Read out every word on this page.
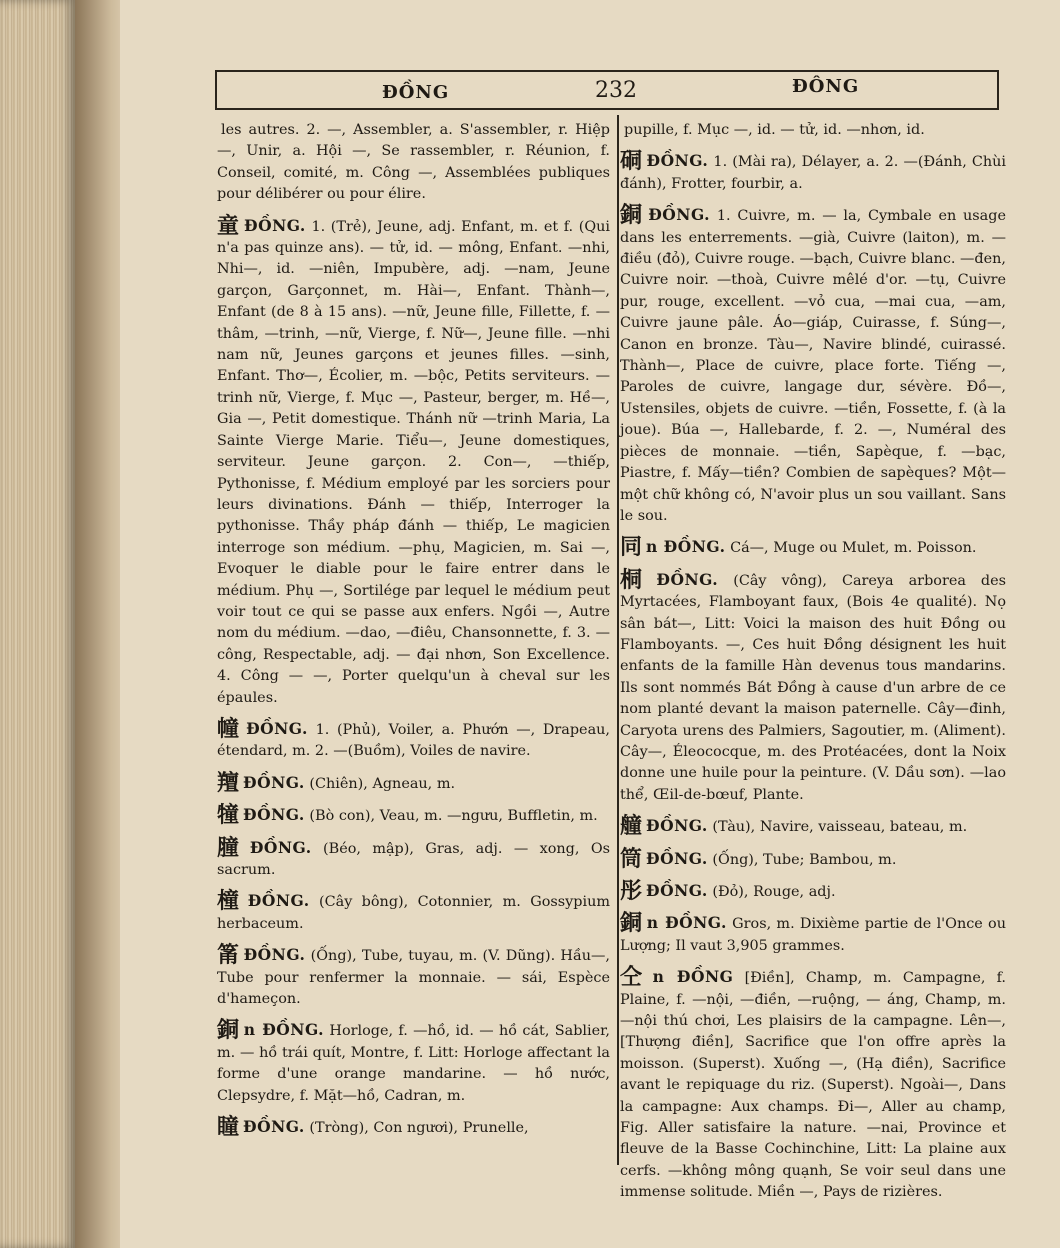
ĐỒNG	232	ĐÔNG

les autres. 2. —, Assembler, a. S'assembler, r. Hiệp —, Unir, a. Hội —, Se rassembler, r. Réunion, f. Conseil, comité, m. Công —, Assemblées publiques pour délibérer ou pour élire.

童 ĐỒNG. 1. (Trẻ), Jeune, adj. Enfant, m. et f. (Qui n'a pas quinze ans). — tử, id. — mông, Enfant. —nhi, Nhi—, id. —niên, Impubère, adj. —nam, Jeune garçon, Garçonnet, m. Hài—, Enfant. Thành—, Enfant (de 8 à 15 ans). —nữ, Jeune fille, Fillette, f. —thâm, —trinh, —nữ, Vierge, f. Nữ—, Jeune fille. —nhi nam nữ, Jeunes garçons et jeunes filles. —sinh, Enfant. Thơ—, Écolier, m. —bộc, Petits serviteurs. —trinh nữ, Vierge, f. Mục —, Pasteur, berger, m. Hề—, Gia —, Petit domestique. Thánh nữ —trinh Maria, La Sainte Vierge Marie. Tiểu—, Jeune domestiques, serviteur. Jeune garçon. 2. Con—, —thiếp, Pythonisse, f. Médium employé par les sorciers pour leurs divinations. Đánh — thiếp, Interroger la pythonisse. Thầy pháp đánh — thiếp, Le magicien interroge son médium. —phụ, Magicien, m. Sai —, Evoquer le diable pour le faire entrer dans le médium. Phụ —, Sortilége par lequel le médium peut voir tout ce qui se passe aux enfers. Ngồi —, Autre nom du médium. —dao, —điêu, Chansonnette, f. 3. — công, Respectable, adj. — đại nhơn, Son Excellence. 4. Công — —, Porter quelqu'un à cheval sur les épaules.

幢 ĐỒNG. 1. (Phủ), Voiler, a. Phướn —, Drapeau, étendard, m. 2. —(Buồm), Voiles de navire.

羶 ĐỒNG. (Chiên), Agneau, m.

犝 ĐỒNG. (Bò con), Veau, m. —ngưu, Buffletin, m.

膧 ĐỒNG. (Béo, mập), Gras, adj. — xong, Os sacrum.

橦 ĐỒNG. (Cây bông), Cotonnier, m. Gossypium herbaceum.

筩 ĐỒNG. (Ống), Tube, tuyau, m. (V. Dũng). Hầu—, Tube pour renfermer la monnaie. — sái, Espèce d'hameçon.

銅 n ĐỒNG. Horloge, f. —hồ, id. — hồ cát, Sablier, m. — hồ trái quít, Montre, f. Litt: Horloge affectant la forme d'une orange mandarine. — hồ nước, Clepsydre, f. Mặt—hồ, Cadran, m.

瞳 ĐỒNG. (Tròng), Con ngươi), Prunelle,

pupille, f. Mục —, id. — tử, id. —nhơn, id.

硐 ĐỒNG. 1. (Mài ra), Délayer, a. 2. —(Đánh, Chùi đánh), Frotter, fourbir, a.

銅 ĐỒNG. 1. Cuivre, m. — la, Cymbale en usage dans les enterrements. —già, Cuivre (laiton), m. — điều (đỏ), Cuivre rouge. —bạch, Cuivre blanc. —đen, Cuivre noir. —thoà, Cuivre mêlé d'or. —tụ, Cuivre pur, rouge, excellent. —vỏ cua, —mai cua, —am, Cuivre jaune pâle. Áo—giáp, Cuirasse, f. Súng—, Canon en bronze. Tàu—, Navire blindé, cuirassé. Thành—, Place de cuivre, place forte. Tiếng —, Paroles de cuivre, langage dur, sévère. Đồ—, Ustensiles, objets de cuivre. —tiền, Fossette, f. (à la joue). Búa —, Hallebarde, f. 2. —, Numéral des pièces de monnaie. —tiền, Sapèque, f. —bạc, Piastre, f. Mấy—tiền? Combien de sapèques? Một—một chữ không có, N'avoir plus un sou vaillant. Sans le sou.

同 n ĐỒNG. Cá—, Muge ou Mulet, m. Poisson.

桐 ĐỒNG. (Cây vông), Careya arborea des Myrtacées, Flamboyant faux, (Bois 4e qualité). Nọ sân bát—, Litt: Voici la maison des huit Đồng ou Flamboyants. —, Ces huit Đồng désignent les huit enfants de la famille Hàn devenus tous mandarins. Ils sont nommés Bát Đồng à cause d'un arbre de ce nom planté devant la maison paternelle. Cây—đinh, Caryota urens des Palmiers, Sagoutier, m. (Aliment). Cây—, Éleococque, m. des Protéacées, dont la Noix donne une huile pour la peinture. (V. Dầu sơn). —lao thể, Œil-de-bœuf, Plante.

艟 ĐỒNG. (Tàu), Navire, vaisseau, bateau, m.

筒 ĐỒNG. (Ống), Tube; Bambou, m.

彤 ĐỒNG. (Đỏ), Rouge, adj.

銅 n ĐỒNG. Gros, m. Dixième partie de l'Once ou Lượng; Il vaut 3,905 grammes.

仝 n ĐỒNG [Điền], Champ, m. Campagne, f. Plaine, f. —nội, —điền, —ruộng, — áng, Champ, m. —nội thú chơi, Les plaisirs de la campagne. Lên—, [Thượng điền], Sacrifice que l'on offre après la moisson. (Superst). Xuống —, (Hạ điền), Sacrifice avant le repiquage du riz. (Superst). Ngoài—, Dans la campagne: Aux champs. Đi—, Aller au champ, Fig. Aller satisfaire la nature. —nai, Province et fleuve de la Basse Cochinchine, Litt: La plaine aux cerfs. —không mông quạnh, Se voir seul dans une immense solitude. Miền —, Pays de rizières.
